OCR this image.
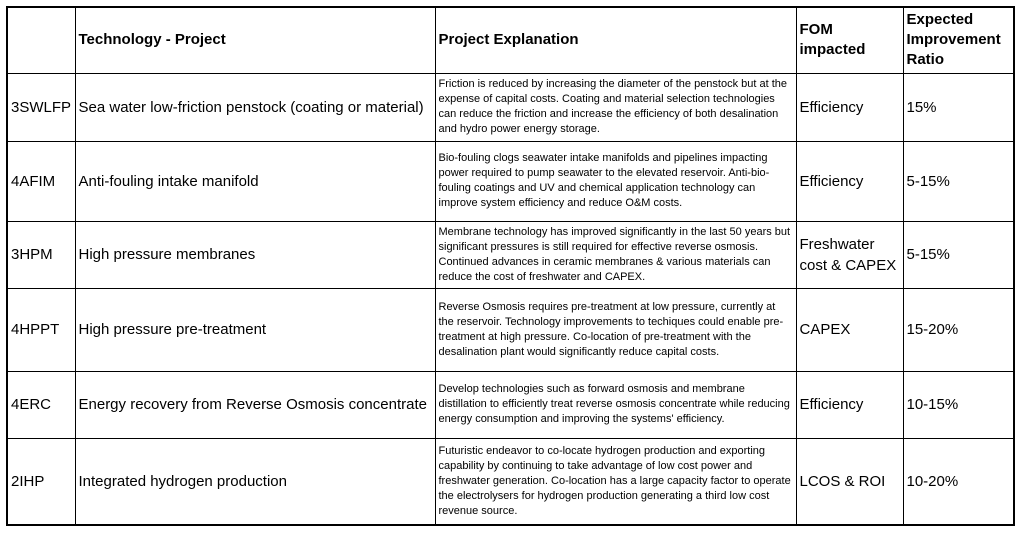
	Technology - Project	Project Explanation	FOM impacted	Expected Improvement Ratio
3SWLFP	Sea water low-friction penstock (coating or material)	Friction is reduced by increasing the diameter of the penstock but at the expense of capital costs. Coating and material selection technologies can reduce the friction and increase the efficiency of both desalination and hydro power energy storage.	Efficiency	15%
4AFIM	Anti-fouling intake manifold	Bio-fouling clogs seawater intake manifolds and pipelines impacting power required to pump seawater to the elevated reservoir. Anti-bio-fouling coatings and UV and chemical application technology can improve system efficiency and reduce O&M costs.	Efficiency	5-15%
3HPM	High pressure membranes	Membrane technology has improved significantly in the last 50 years but significant pressures is still required for effective reverse osmosis. Continued advances in ceramic membranes & various materials can reduce the cost of freshwater and CAPEX.	Freshwater cost & CAPEX	5-15%
4HPPT	High pressure pre-treatment	Reverse Osmosis requires pre-treatment at low pressure, currently at the reservoir. Technology improvements to techiques could enable pre-treatment at high pressure. Co-location of pre-treatment with the desalination plant would significantly reduce capital costs.	CAPEX	15-20%
4ERC	Energy recovery from Reverse Osmosis concentrate	Develop technologies such as forward osmosis and membrane distillation to efficiently treat reverse osmosis concentrate while reducing energy consumption and improving the systems' efficiency.	Efficiency	10-15%
2IHP	Integrated hydrogen production	Futuristic endeavor to co-locate hydrogen production and exporting capability by continuing to take advantage of low cost power and freshwater generation. Co-location has a large capacity factor to operate the electrolysers for hydrogen production generating a third low cost revenue source.	LCOS & ROI	10-20%
